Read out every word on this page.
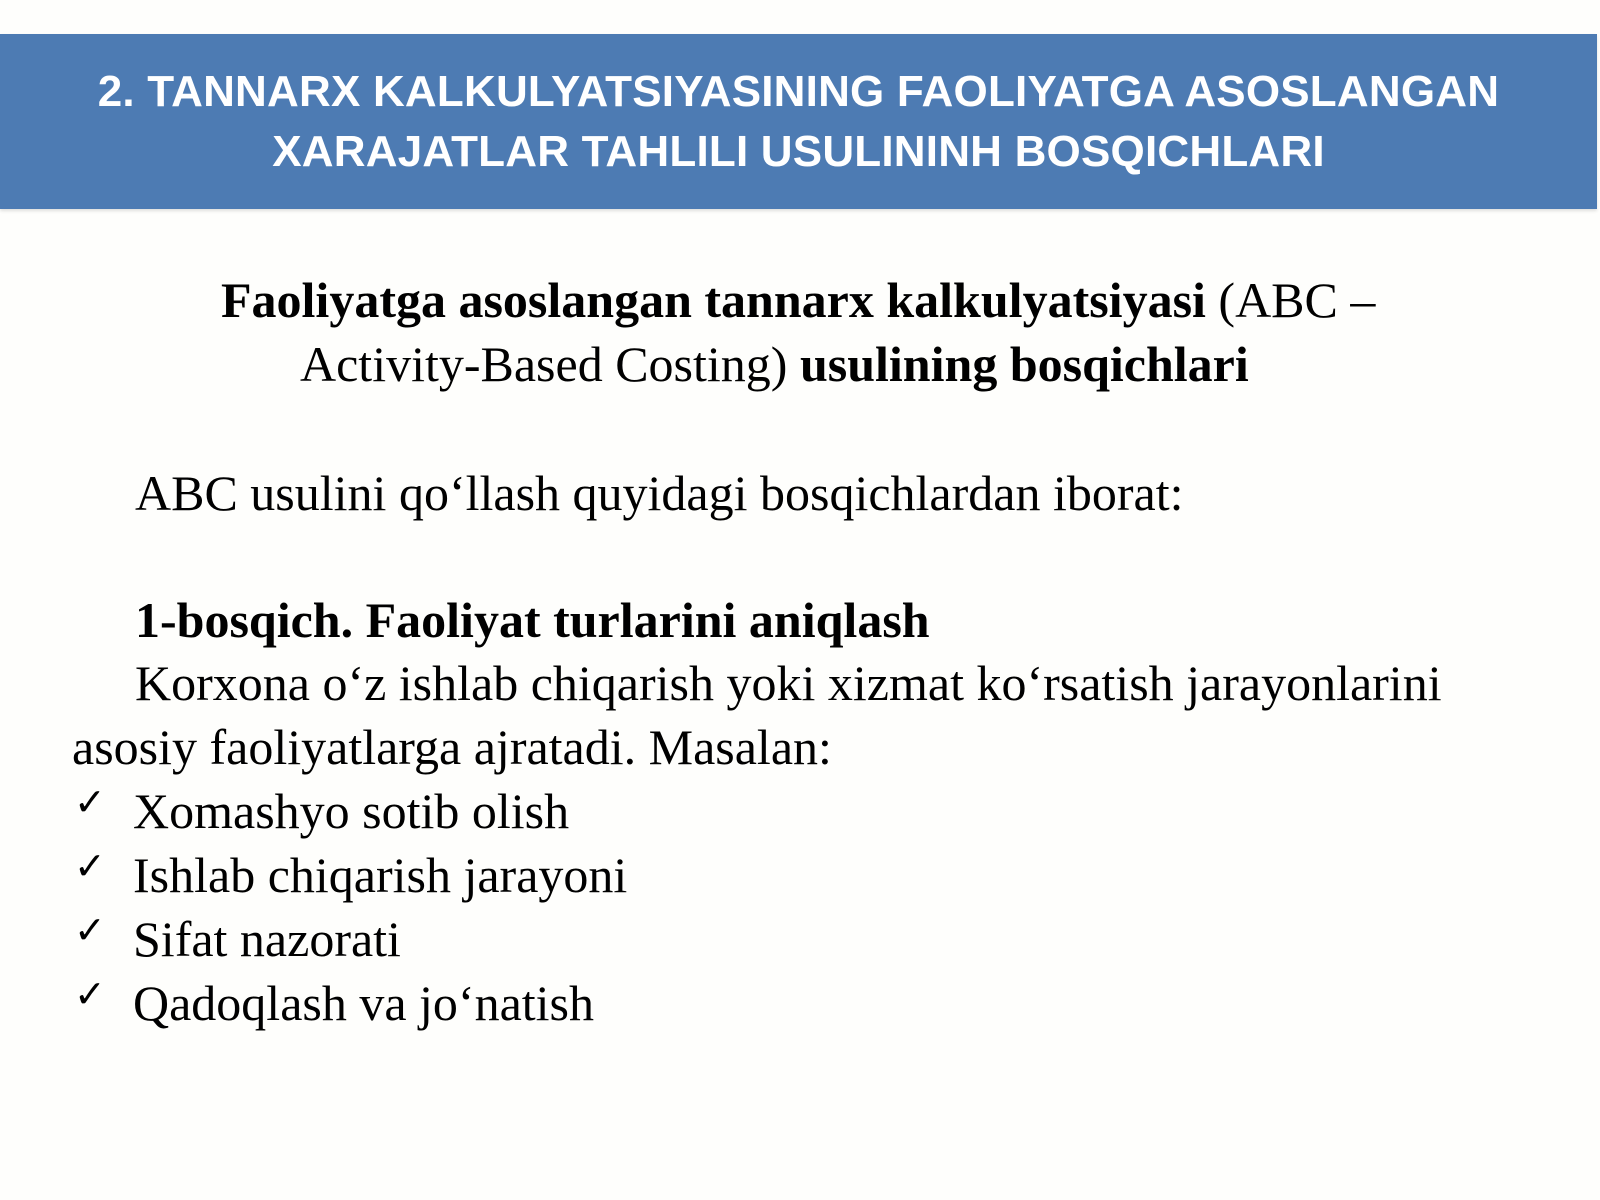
2. TANNARX KALKULYATSIYASINING FAOLIYATGA ASOSLANGAN
XARAJATLAR TAHLILI USULININH BOSQICHLARI
Faoliyatga asoslangan tannarx kalkulyatsiyasi (ABC –
Activity-Based Costing) usulining bosqichlari
ABC usulini qo‘llash quyidagi bosqichlardan iborat:
1-bosqich. Faoliyat turlarini aniqlash
Korxona o‘z ishlab chiqarish yoki xizmat ko‘rsatish jarayonlarini
asosiy faoliyatlarga ajratadi. Masalan:
✓ Xomashyo sotib olish
✓ Ishlab chiqarish jarayoni
✓ Sifat nazorati
✓ Qadoqlash va jo‘natish
